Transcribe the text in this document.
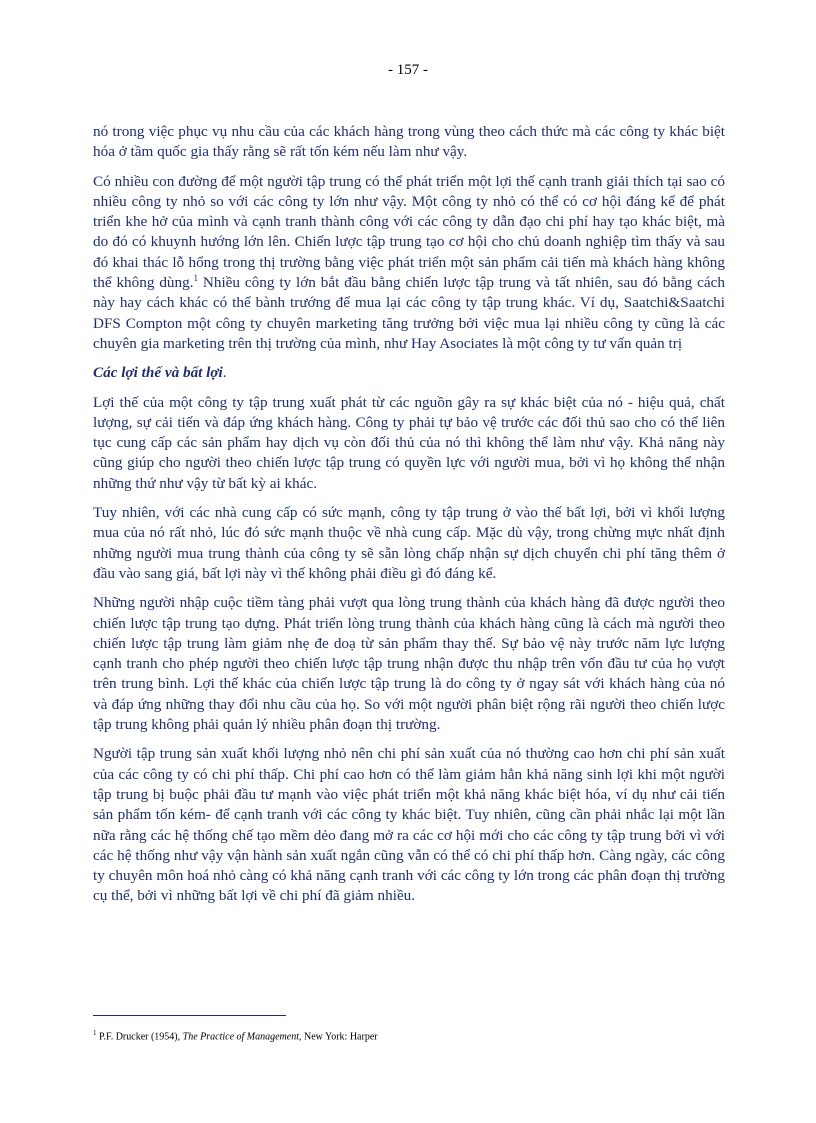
- 157 -

nó trong việc phục vụ nhu cầu của các khách hàng trong vùng theo cách thức mà các công ty khác biệt hóa ở tầm quốc gia thấy rằng sẽ rất tốn kém nếu làm như vậy.

Có nhiều con đường để một người tập trung có thể phát triển một lợi thế cạnh tranh giải thích tại sao có nhiều công ty nhỏ so với các công ty lớn như vậy. Một công ty nhỏ có thể có cơ hội đáng kể để phát triển khe hở của mình và cạnh tranh thành công với các công ty dẫn đạo chi phí hay tạo khác biệt, mà do đó có khuynh hướng lớn lên. Chiến lược tập trung tạo cơ hội cho chủ doanh nghiệp tìm thấy và sau đó khai thác lỗ hổng trong thị trường bằng việc phát triển một sản phẩm cải tiến mà khách hàng không thể không dùng.$^1$ Nhiều công ty lớn bắt đầu bằng chiến lược tập trung và tất nhiên, sau đó bằng cách này hay cách khác có thể bành trướng để mua lại các công ty tập trung khác. Ví dụ, Saatchi&Saatchi DFS Compton một công ty chuyên marketing tăng trưởng bởi việc mua lại nhiều công ty cũng là các chuyên gia marketing trên thị trường của mình, như Hay Asociates là một công ty tư vấn quản trị

Các lợi thế và bất lợi.

Lợi thế của một công ty tập trung xuất phát từ các nguồn gây ra sự khác biệt của nó - hiệu quả, chất lượng, sự cải tiến và đáp ứng khách hàng. Công ty phải tự bảo vệ trước các đối thủ sao cho có thể liên tục cung cấp các sản phẩm hay dịch vụ còn đối thủ của nó thì không thể làm như vậy. Khả năng này cũng giúp cho người theo chiến lược tập trung có quyền lực với người mua, bởi vì họ không thể nhận những thứ như vậy từ bất kỳ ai khác.

Tuy nhiên, với các nhà cung cấp có sức mạnh, công ty tập trung ở vào thế bất lợi, bởi vì khối lượng mua của nó rất nhỏ, lúc đó sức mạnh thuộc về nhà cung cấp. Mặc dù vậy, trong chừng mực nhất định những người mua trung thành của công ty sẽ sẵn lòng chấp nhận sự dịch chuyển chi phí tăng thêm ở đầu vào sang giá, bất lợi này vì thế không phải điều gì đó đáng kể.

Những người nhập cuộc tiềm tàng phải vượt qua lòng trung thành của khách hàng đã được người theo chiến lược tập trung tạo dựng. Phát triển lòng trung thành của khách hàng cũng là cách mà người theo chiến lược tập trung làm giảm nhẹ đe doạ từ sản phẩm thay thế. Sự bảo vệ này trước năm lực lượng cạnh tranh cho phép người theo chiến lược tập trung nhận được thu nhập trên vốn đầu tư của họ vượt trên trung bình. Lợi thế khác của chiến lược tập trung là do công ty ở ngay sát với khách hàng của nó và đáp ứng những thay đổi nhu cầu của họ. So với một người phân biệt rộng rãi người theo chiến lược tập trung không phải quản lý nhiều phân đoạn thị trường.

Người tập trung sản xuất khối lượng nhỏ nên chi phí sản xuất của nó thường cao hơn chi phí sản xuất của các công ty có chi phí thấp. Chi phí cao hơn có thể làm giảm hẳn khả năng sinh lợi khi một người tập trung bị buộc phải đầu tư mạnh vào việc phát triển một khả năng khác biệt hóa, ví dụ như cải tiến sản phẩm tốn kém- để cạnh tranh với các công ty khác biệt. Tuy nhiên, cũng cần phải nhắc lại một lần nữa rằng các hệ thống chế tạo mềm dẻo đang mở ra các cơ hội mới cho các công ty tập trung bởi vì với các hệ thống như vậy vận hành sản xuất ngắn cũng vẫn có thể có chi phí thấp hơn. Càng ngày, các công ty chuyên môn hoá nhỏ càng có khả năng cạnh tranh với các công ty lớn trong các phân đoạn thị trường cụ thể, bởi vì những bất lợi về chi phí đã giảm nhiều.

$^1$ P.F. Drucker (1954), The Practice of Management, New York: Harper
